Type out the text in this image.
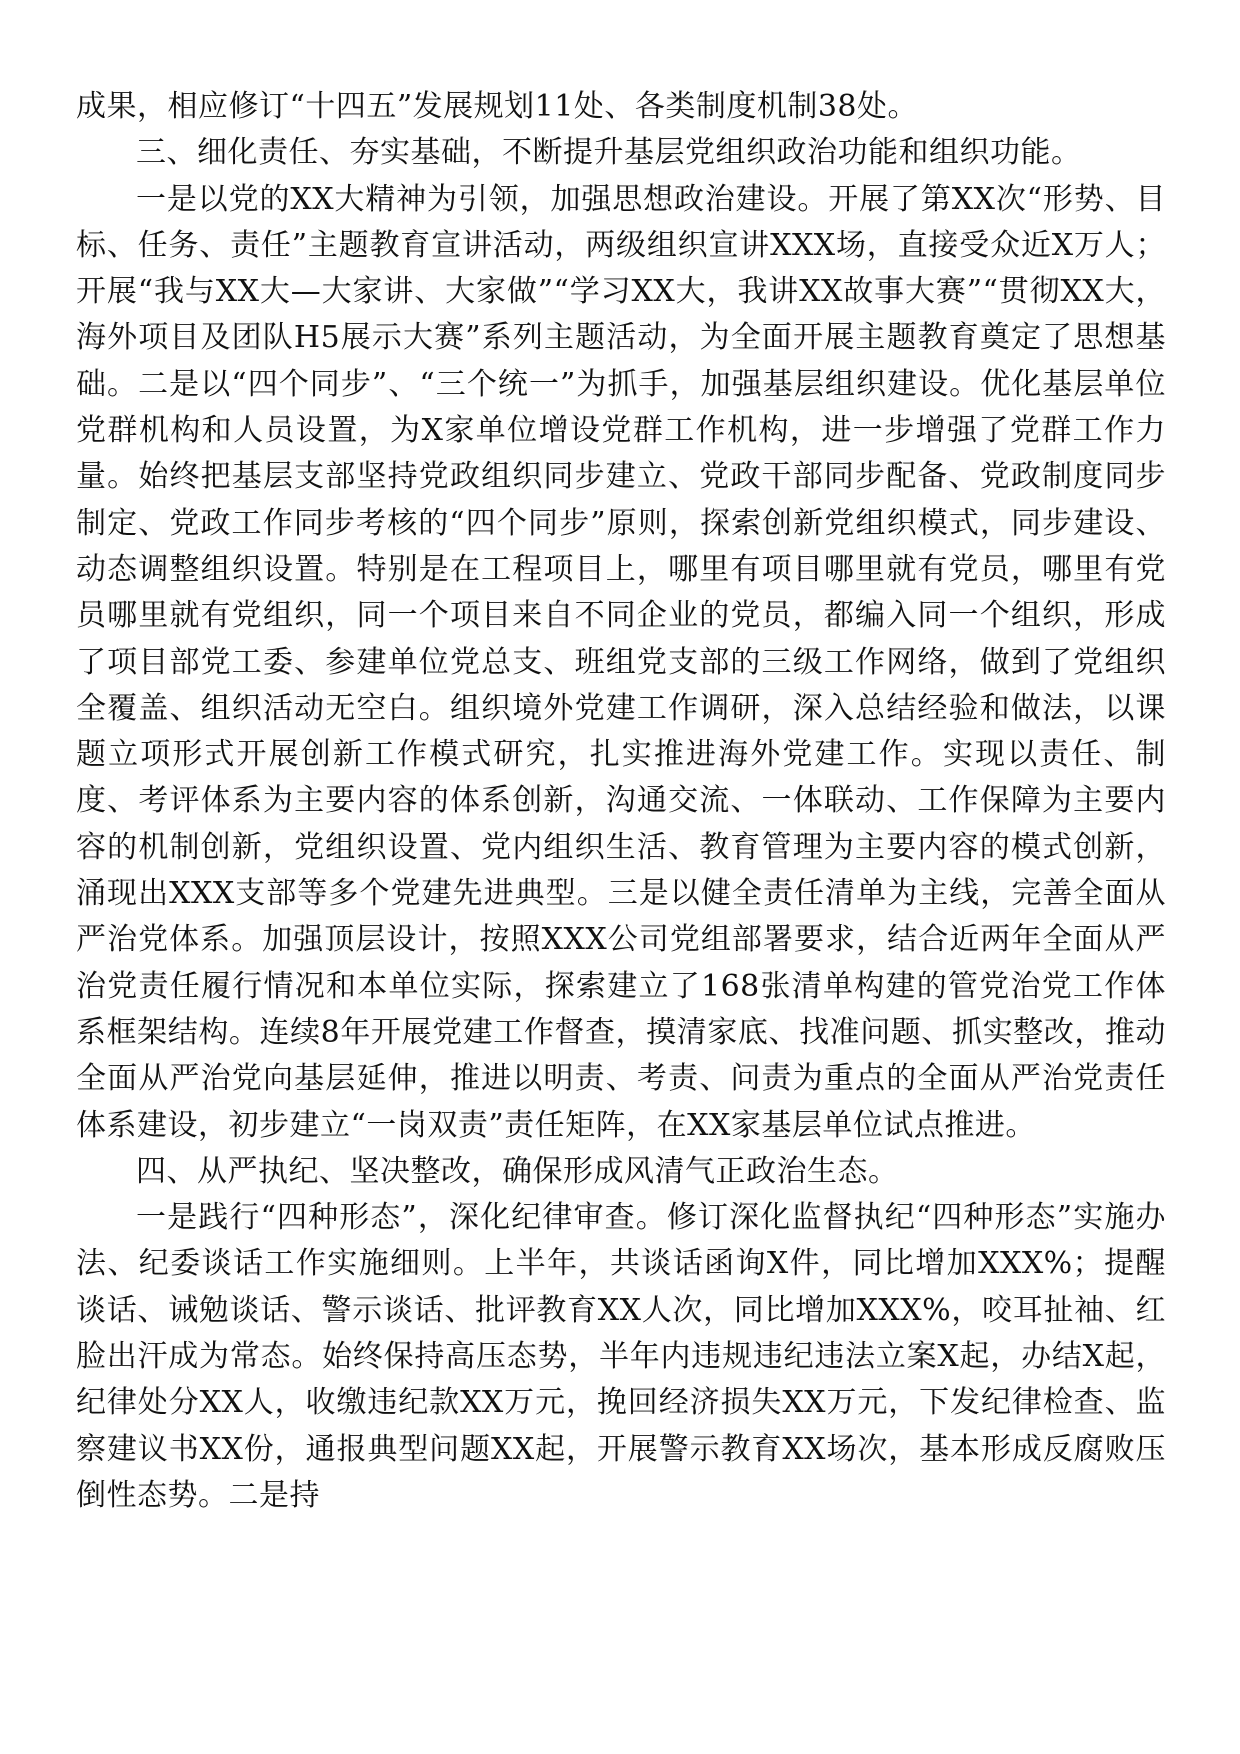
成果，相应修订“十四五”发展规划11处、各类制度机制38处。

三、细化责任、夯实基础，不断提升基层党组织政治功能和组织功能。

一是以党的XX大精神为引领，加强思想政治建设。开展了第XX次“形势、目标、任务、责任”主题教育宣讲活动，两级组织宣讲XXX场，直接受众近X万人；开展“我与XX大—大家讲、大家做”“学习XX大，我讲XX故事大赛”“贯彻XX大，海外项目及团队H5展示大赛”系列主题活动，为全面开展主题教育奠定了思想基础。二是以“四个同步”、“三个统一”为抓手，加强基层组织建设。优化基层单位党群机构和人员设置，为X家单位增设党群工作机构，进一步增强了党群工作力量。始终把基层支部坚持党政组织同步建立、党政干部同步配备、党政制度同步制定、党政工作同步考核的“四个同步”原则，探索创新党组织模式，同步建设、动态调整组织设置。特别是在工程项目上，哪里有项目哪里就有党员，哪里有党员哪里就有党组织，同一个项目来自不同企业的党员，都编入同一个组织，形成了项目部党工委、参建单位党总支、班组党支部的三级工作网络，做到了党组织全覆盖、组织活动无空白。组织境外党建工作调研，深入总结经验和做法，以课题立项形式开展创新工作模式研究，扎实推进海外党建工作。实现以责任、制度、考评体系为主要内容的体系创新，沟通交流、一体联动、工作保障为主要内容的机制创新，党组织设置、党内组织生活、教育管理为主要内容的模式创新，涌现出XXX支部等多个党建先进典型。三是以健全责任清单为主线，完善全面从严治党体系。加强顶层设计，按照XXX公司党组部署要求，结合近两年全面从严治党责任履行情况和本单位实际，探索建立了168张清单构建的管党治党工作体系框架结构。连续8年开展党建工作督查，摸清家底、找准问题、抓实整改，推动全面从严治党向基层延伸，推进以明责、考责、问责为重点的全面从严治党责任体系建设，初步建立“一岗双责”责任矩阵，在XX家基层单位试点推进。

四、从严执纪、坚决整改，确保形成风清气正政治生态。

一是践行“四种形态”，深化纪律审查。修订深化监督执纪“四种形态”实施办法、纪委谈话工作实施细则。上半年，共谈话函询X件，同比增加XXX%；提醒谈话、诫勉谈话、警示谈话、批评教育XX人次，同比增加XXX%，咬耳扯袖、红脸出汗成为常态。始终保持高压态势，半年内违规违纪违法立案X起，办结X起，纪律处分XX人，收缴违纪款XX万元，挽回经济损失XX万元，下发纪律检查、监察建议书XX份，通报典型问题XX起，开展警示教育XX场次，基本形成反腐败压倒性态势。二是持
